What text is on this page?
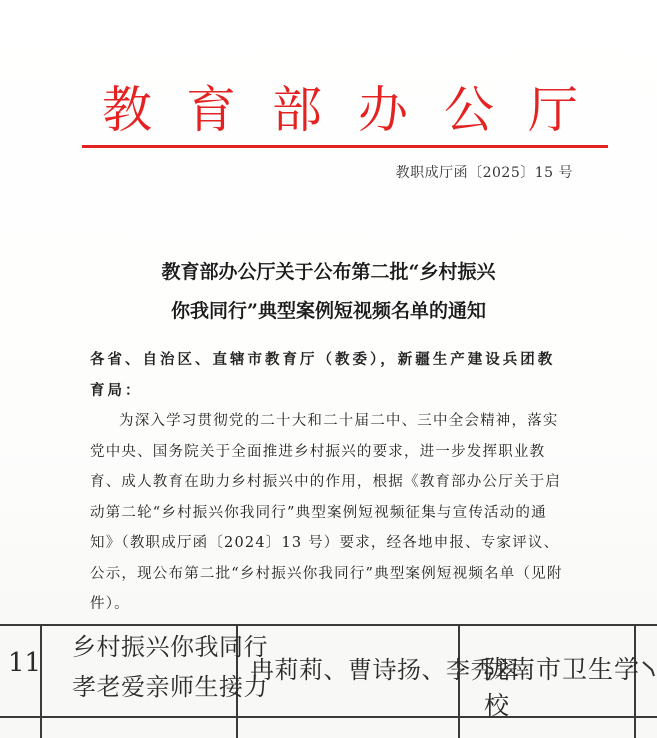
教 育 部 办 公 厅
教职成厅函〔2025〕15 号
教育部办公厅关于公布第二批“乡村振兴
你我同行”典型案例短视频名单的通知
各省、自治区、直辖市教育厅（教委），新疆生产建设兵团教育局：
为深入学习贯彻党的二十大和二十届二中、三中全会精神，落实党中央、国务院关于全面推进乡村振兴的要求，进一步发挥职业教育、成人教育在助力乡村振兴中的作用，根据《教育部办公厅关于启动第二轮“乡村振兴你我同行”典型案例短视频征集与宣传活动的通知》（教职成厅函〔2024〕13 号）要求，经各地申报、专家评议、公示，现公布第二批“乡村振兴你我同行”典型案例短视频名单（见附件）。
11
乡村振兴你我同行
孝老爱亲师生接力
冉莉莉、曹诗扬、李秀翠
陇南市卫生学校
